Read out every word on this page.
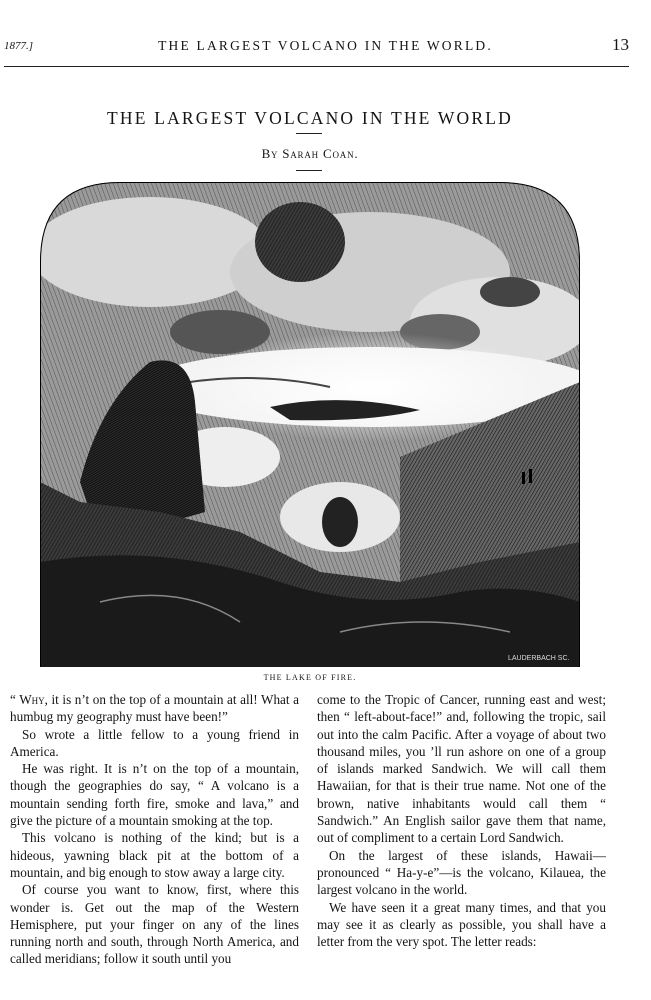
1877.]	THE LARGEST VOLCANO IN THE WORLD.	13
THE LARGEST VOLCANO IN THE WORLD
By Sarah Coan.
LAUDERBACH SC.
THE LAKE OF FIRE.

“ Why, it is n’t on the top of a mountain at all! What a humbug my geography must have been!”

So wrote a little fellow to a young friend in America.

He was right. It is n’t on the top of a mountain, though the geographies do say, “ A volcano is a mountain sending forth fire, smoke and lava,” and give the picture of a mountain smoking at the top.

This volcano is nothing of the kind; but is a hideous, yawning black pit at the bottom of a mountain, and big enough to stow away a large city.

Of course you want to know, first, where this wonder is. Get out the map of the Western Hemisphere, put your finger on any of the lines running north and south, through North America, and called meridians; follow it south until you

come to the Tropic of Cancer, running east and west; then “ left-about-face!” and, following the tropic, sail out into the calm Pacific. After a voyage of about two thousand miles, you ’ll run ashore on one of a group of islands marked Sandwich. We will call them Hawaiian, for that is their true name. Not one of the brown, native inhabitants would call them “ Sandwich.” An English sailor gave them that name, out of compliment to a certain Lord Sandwich.

On the largest of these islands, Hawaii—pronounced “ Ha-y-e”—is the volcano, Kilauea, the largest volcano in the world.

We have seen it a great many times, and that you may see it as clearly as possible, you shall have a letter from the very spot. The letter reads:
